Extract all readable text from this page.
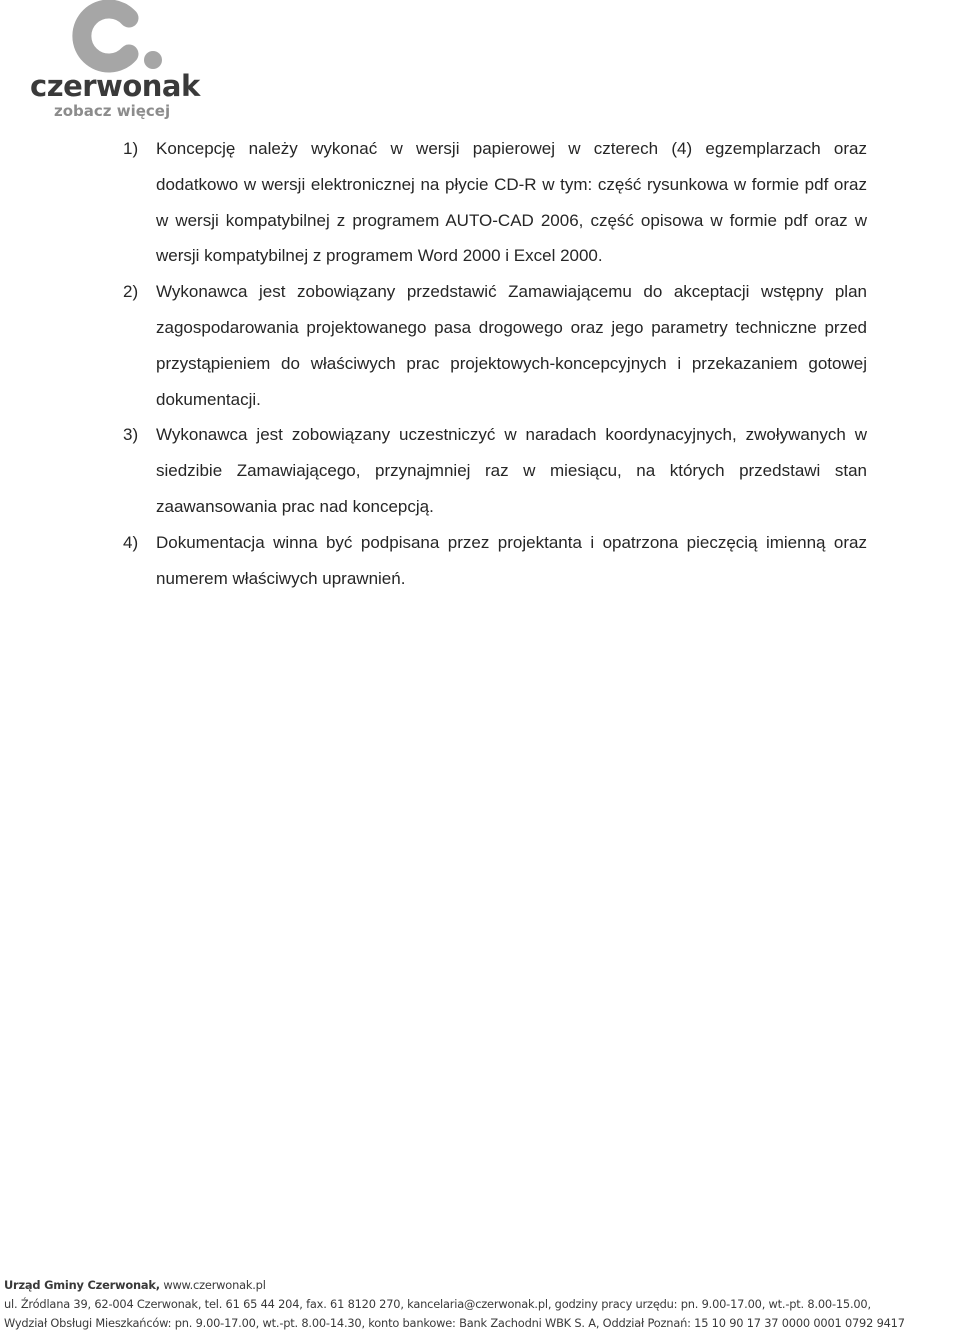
czerwonak
zobacz więcej
1)	Koncepcję należy wykonać w wersji papierowej w czterech (4) egzemplarzach oraz dodatkowo w wersji elektronicznej na płycie CD-R w tym: część rysunkowa w formie pdf oraz w wersji kompatybilnej z programem AUTO-CAD 2006, część opisowa w formie pdf oraz w wersji kompatybilnej z programem Word 2000 i Excel 2000.
2)	Wykonawca jest zobowiązany przedstawić Zamawiającemu do akceptacji wstępny plan zagospodarowania projektowanego pasa drogowego oraz jego parametry techniczne przed przystąpieniem do właściwych prac projektowych-koncepcyjnych i przekazaniem gotowej dokumentacji.
3)	Wykonawca jest zobowiązany uczestniczyć w naradach koordynacyjnych, zwoływanych w siedzibie Zamawiającego, przynajmniej raz w miesiącu, na których przedstawi stan zaawansowania prac nad koncepcją.
4)	Dokumentacja winna być podpisana przez projektanta i opatrzona pieczęcią imienną oraz numerem właściwych uprawnień.
Urząd Gminy Czerwonak, www.czerwonak.pl
ul. Źródlana 39, 62-004 Czerwonak, tel. 61 65 44 204, fax. 61 8120 270, kancelaria@czerwonak.pl, godziny pracy urzędu: pn. 9.00-17.00, wt.-pt. 8.00-15.00,
Wydział Obsługi Mieszkańców: pn. 9.00-17.00, wt.-pt. 8.00-14.30, konto bankowe: Bank Zachodni WBK S. A, Oddział Poznań: 15 10 90 17 37 0000 0001 0792 9417
